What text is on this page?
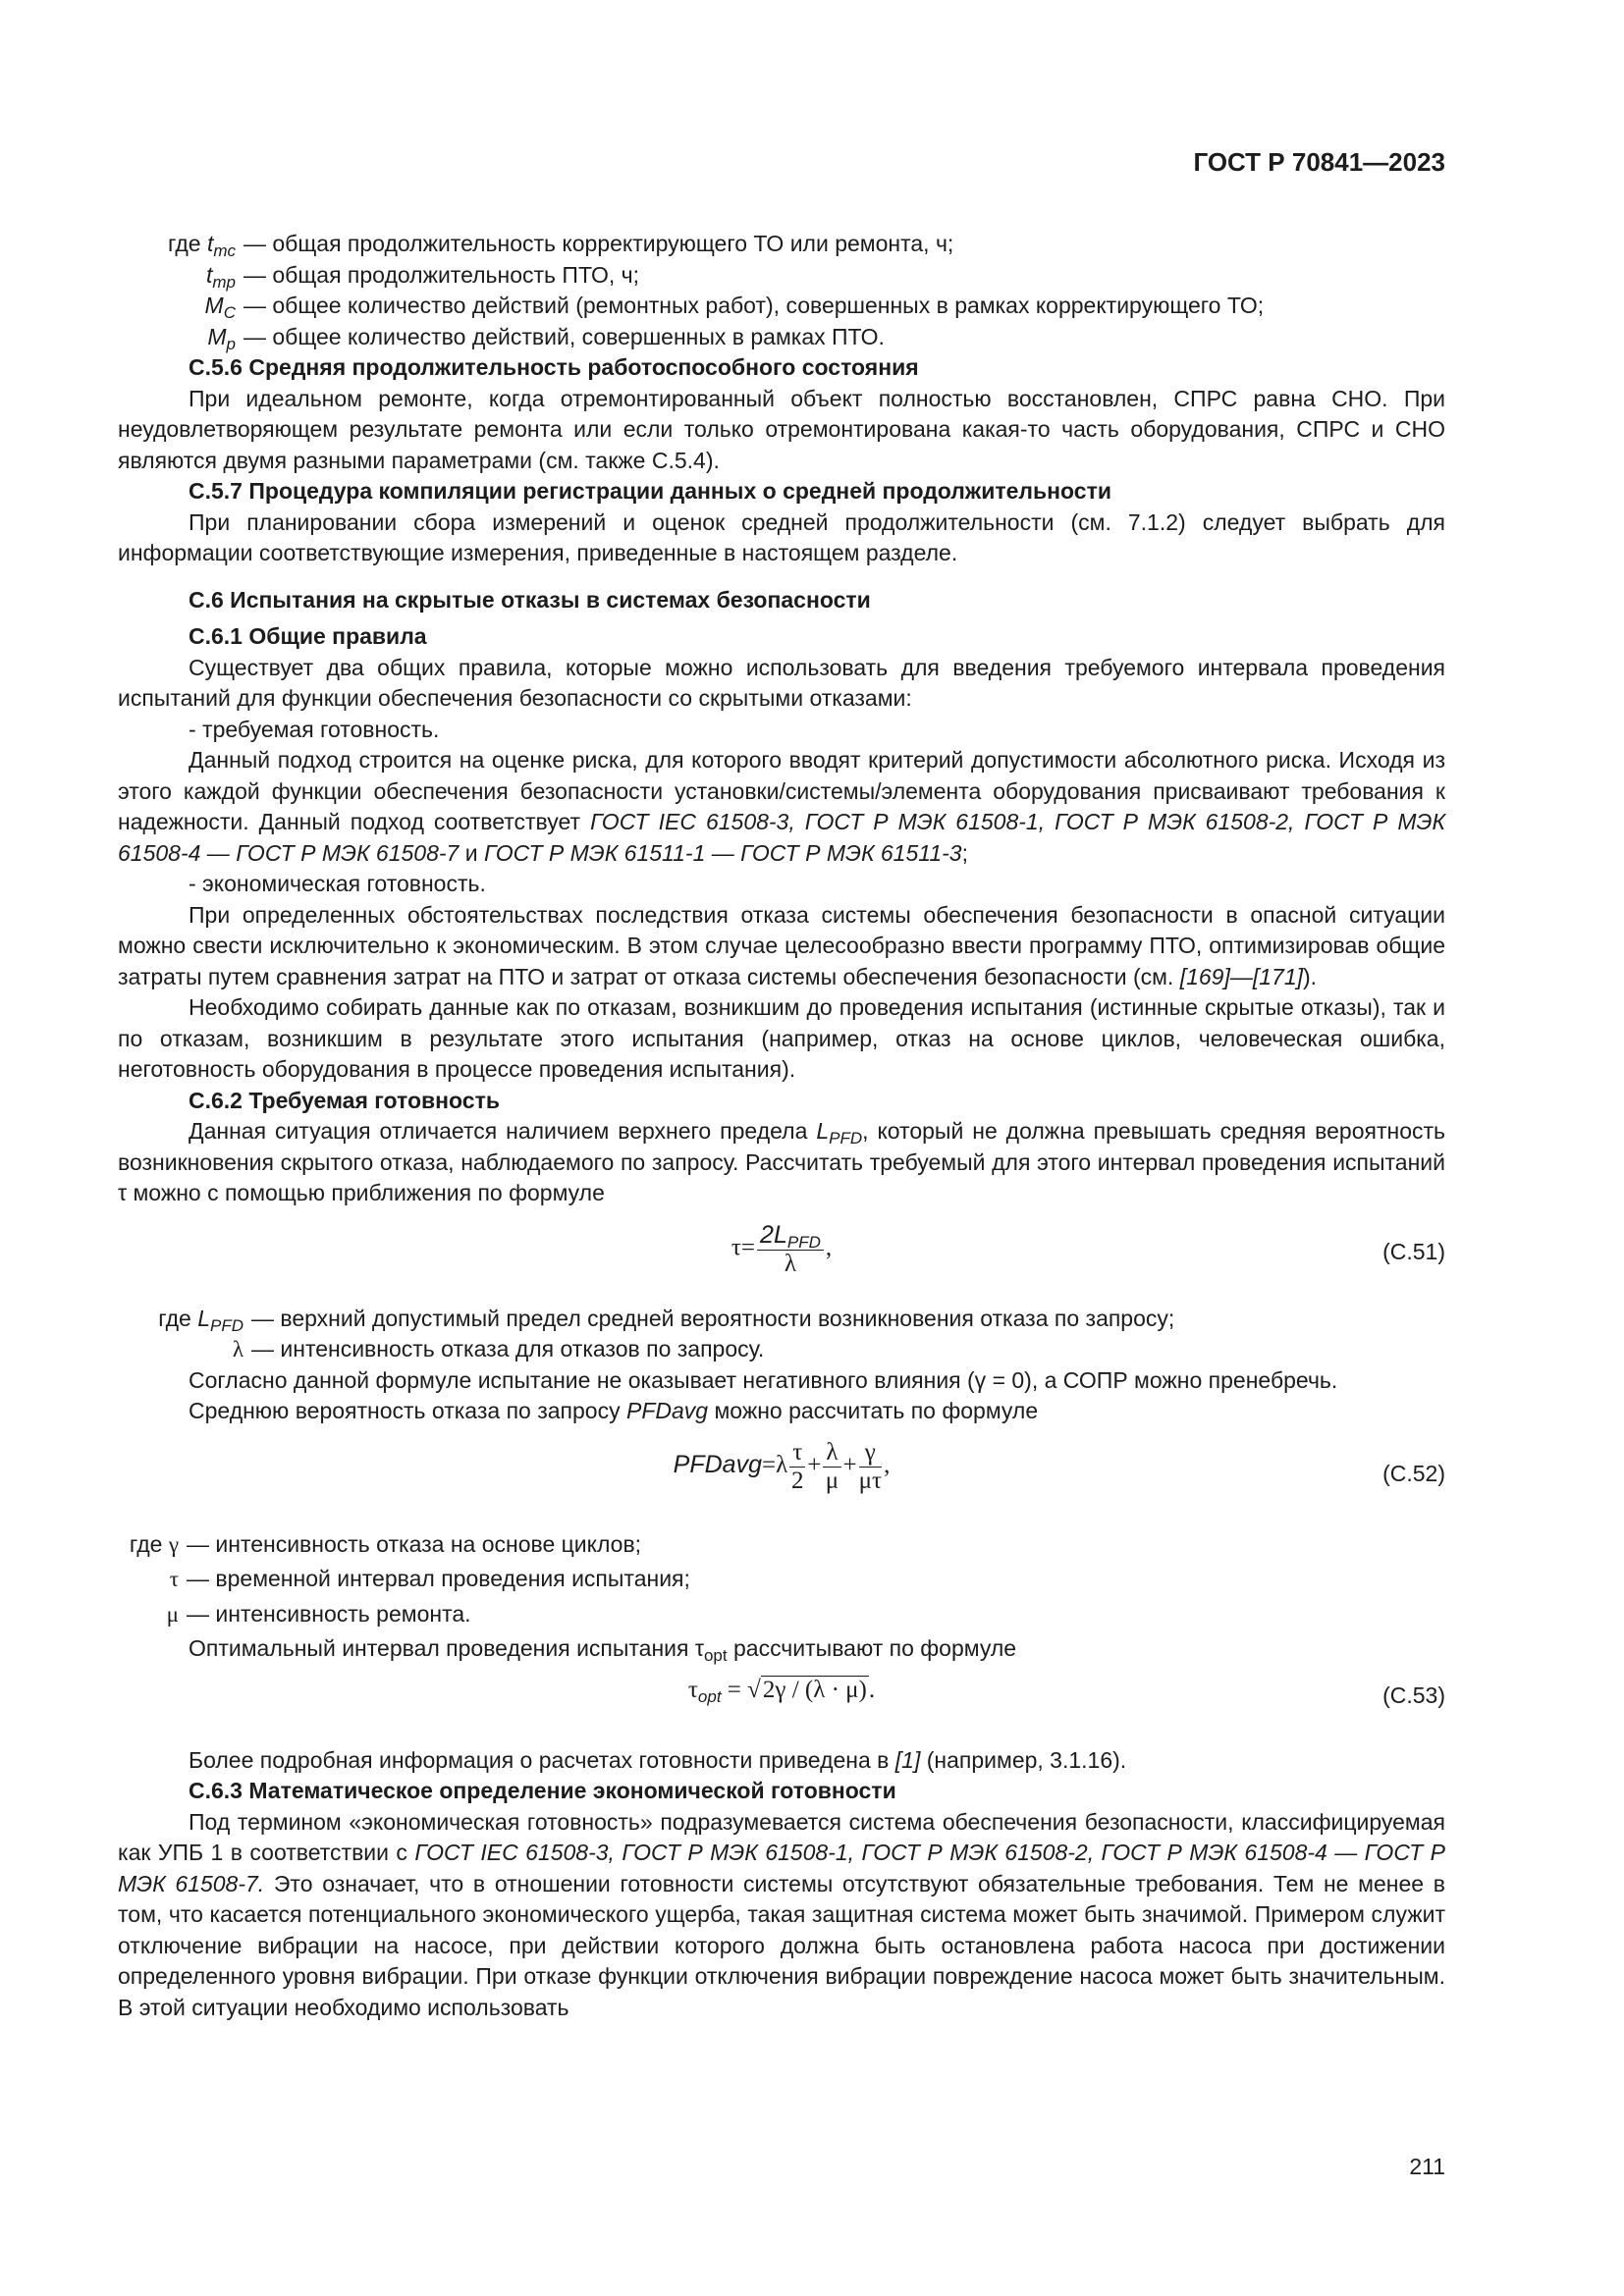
ГОСТ Р 70841—2023
где $t_{mc}$ — общая продолжительность корректирующего ТО или ремонта, ч;
$t_{mp}$ — общая продолжительность ПТО, ч;
$M_C$ — общее количество действий (ремонтных работ), совершенных в рамках корректирующего ТО;
$M_p$ — общее количество действий, совершенных в рамках ПТО.

С.5.6 Средняя продолжительность работоспособного состояния

При идеальном ремонте, когда отремонтированный объект полностью восстановлен, СПРС равна СНО. При неудовлетворяющем результате ремонта или если только отремонтирована какая-то часть оборудования, СПРС и СНО являются двумя разными параметрами (см. также С.5.4).

С.5.7 Процедура компиляции регистрации данных о средней продолжительности

При планировании сбора измерений и оценок средней продолжительности (см. 7.1.2) следует выбрать для информации соответствующие измерения, приведенные в настоящем разделе.

С.6 Испытания на скрытые отказы в системах безопасности

С.6.1 Общие правила

Существует два общих правила, которые можно использовать для введения требуемого интервала проведения испытаний для функции обеспечения безопасности со скрытыми отказами:

- требуемая готовность.

Данный подход строится на оценке риска, для которого вводят критерий допустимости абсолютного риска. Исходя из этого каждой функции обеспечения безопасности установки/системы/элемента оборудования присваивают требования к надежности. Данный подход соответствует ГОСТ IEC 61508-3, ГОСТ Р МЭК 61508-1, ГОСТ Р МЭК 61508-2, ГОСТ Р МЭК 61508-4 — ГОСТ Р МЭК 61508-7 и ГОСТ Р МЭК 61511-1 — ГОСТ Р МЭК 61511-3;

- экономическая готовность.

При определенных обстоятельствах последствия отказа системы обеспечения безопасности в опасной ситуации можно свести исключительно к экономическим. В этом случае целесообразно ввести программу ПТО, оптимизировав общие затраты путем сравнения затрат на ПТО и затрат от отказа системы обеспечения безопасности (см. [169]—[171]).

Необходимо собирать данные как по отказам, возникшим до проведения испытания (истинные скрытые отказы), так и по отказам, возникшим в результате этого испытания (например, отказ на основе циклов, человеческая ошибка, неготовность оборудования в процессе проведения испытания).

С.6.2 Требуемая готовность

Данная ситуация отличается наличием верхнего предела $L_{PFD}$, который не должна превышать средняя вероятность возникновения скрытого отказа, наблюдаемого по запросу. Рассчитать требуемый для этого интервал проведения испытаний τ можно с помощью приближения по формуле

$\tau= \frac{2L_{PFD}}{\lambda}$ ,	(С.51)
где $L_{PFD}$ — верхний допустимый предел средней вероятности возникновения отказа по запросу;
λ — интенсивность отказа для отказов по запросу.

Согласно данной формуле испытание не оказывает негативного влияния (γ = 0), а СОПР можно пренебречь.

Среднюю вероятность отказа по запросу PFDavg можно рассчитать по формуле

PFDavg=λ $\frac{\tau}{2} + \frac{\lambda}{\mu} + \frac{\gamma}{\mu\tau}$ ,	(С.52)
где γ — интенсивность отказа на основе циклов;
τ — временной интервал проведения испытания;
μ — интенсивность ремонта.

Оптимальный интервал проведения испытания $\tau_{opt}$ рассчитывают по формуле

$\tau_{opt} = √2\gamma / (\lambda \cdot \mu)$.	(С.53)

Более подробная информация о расчетах готовности приведена в [1] (например, 3.1.16).

С.6.3 Математическое определение экономической готовности

Под термином «экономическая готовность» подразумевается система обеспечения безопасности, классифицируемая как УПБ 1 в соответствии с ГОСТ IEC 61508-3, ГОСТ Р МЭК 61508-1, ГОСТ Р МЭК 61508-2, ГОСТ Р МЭК 61508-4 — ГОСТ Р МЭК 61508-7. Это означает, что в отношении готовности системы отсутствуют обязательные требования. Тем не менее в том, что касается потенциального экономического ущерба, такая защитная система может быть значимой. Примером служит отключение вибрации на насосе, при действии которого должна быть остановлена работа насоса при достижении определенного уровня вибрации. При отказе функции отключения вибрации повреждение насоса может быть значительным. В этой ситуации необходимо использовать

211
